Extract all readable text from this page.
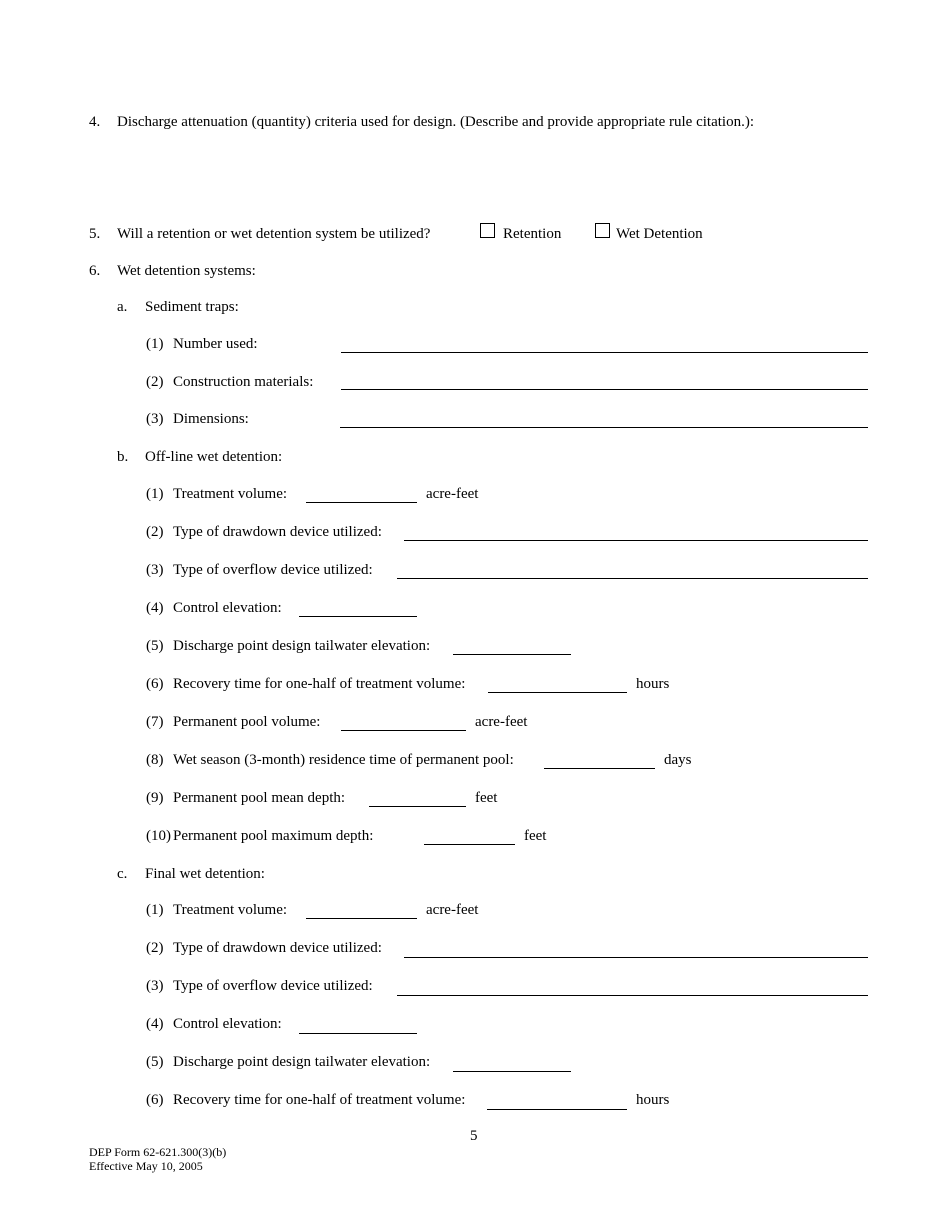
4. Discharge attenuation (quantity) criteria used for design. (Describe and provide appropriate rule citation.):
5. Will a retention or wet detention system be utilized?	Retention	Wet Detention
6. Wet detention systems:
a. Sediment traps:
(1) Number used:
(2) Construction materials:
(3) Dimensions:
b. Off-line wet detention:
(1) Treatment volume:	acre-feet
(2) Type of drawdown device utilized:
(3) Type of overflow device utilized:
(4) Control elevation:
(5) Discharge point design tailwater elevation:
(6) Recovery time for one-half of treatment volume:	hours
(7) Permanent pool volume:	acre-feet
(8) Wet season (3-month) residence time of permanent pool:	days
(9) Permanent pool mean depth:	feet
(10) Permanent pool maximum depth:	feet
c. Final wet detention:
(1) Treatment volume:	acre-feet
(2) Type of drawdown device utilized:
(3) Type of overflow device utilized:
(4) Control elevation:
(5) Discharge point design tailwater elevation:
(6) Recovery time for one-half of treatment volume:	hours
5
DEP Form 62-621.300(3)(b)
Effective May 10, 2005
